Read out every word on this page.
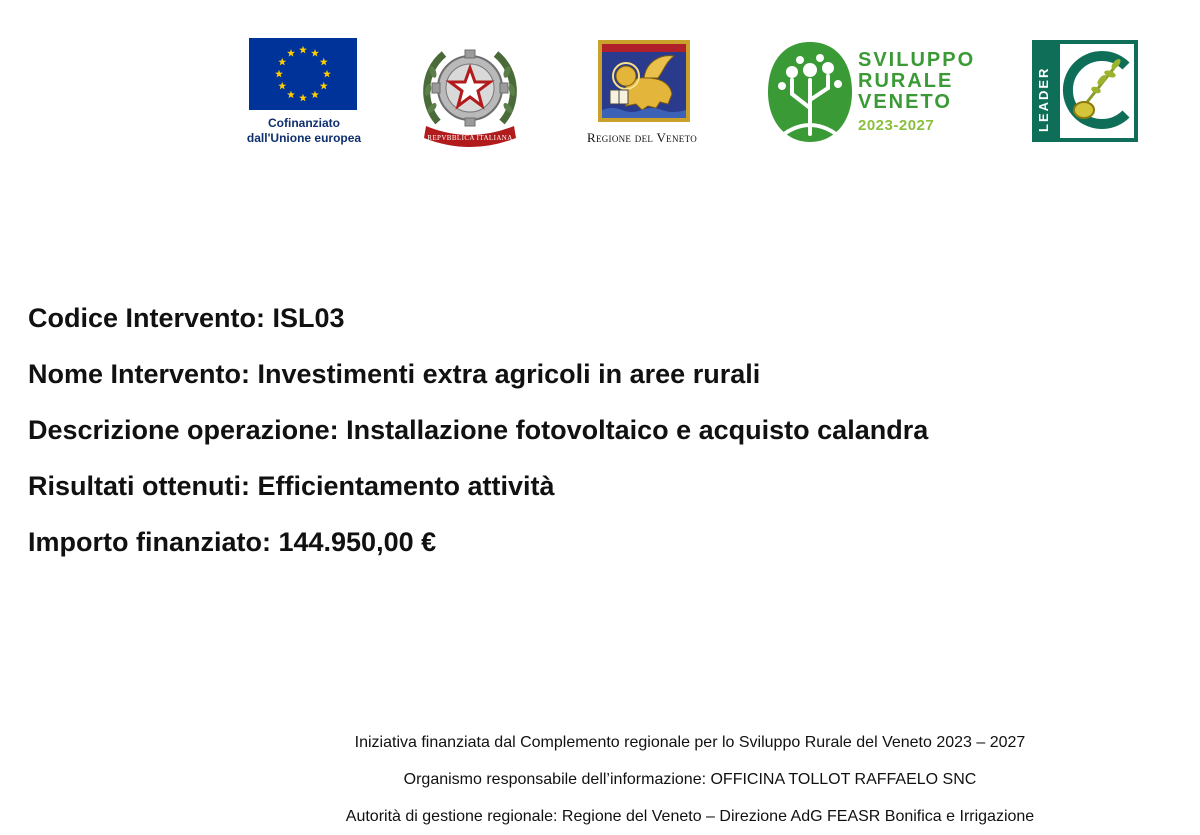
Cofinanziato
dall'Unione europea	REPVBBLICA ITALIANA	Regione del Veneto
SVILUPPO
RURALE
VENETO
2023-2027	LEADER
Codice Intervento: ISL03
Nome Intervento: Investimenti extra agricoli in aree rurali
Descrizione operazione: Installazione fotovoltaico e acquisto calandra
Risultati ottenuti: Efficientamento attività
Importo finanziato: 144.950,00 €
Iniziativa finanziata dal Complemento regionale per lo Sviluppo Rurale del Veneto 2023 – 2027
Organismo responsabile dell’informazione: OFFICINA TOLLOT RAFFAELO SNC
Autorità di gestione regionale: Regione del Veneto – Direzione AdG FEASR Bonifica e Irrigazione
